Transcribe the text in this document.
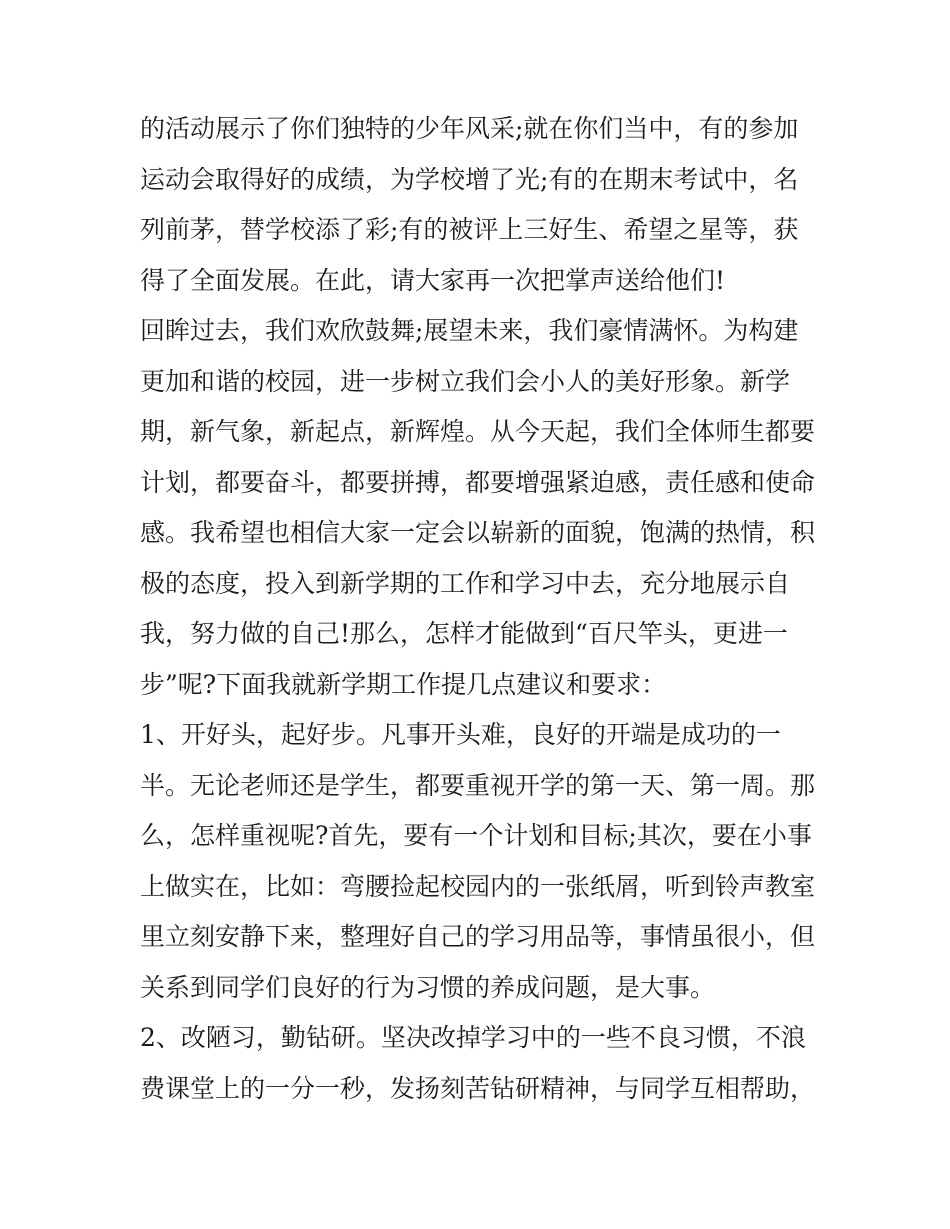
的活动展示了你们独特的少年风采;就在你们当中，有的参加
运动会取得好的成绩，为学校增了光;有的在期末考试中，名
列前茅，替学校添了彩;有的被评上三好生、希望之星等，获
得了全面发展。在此，请大家再一次把掌声送给他们!
回眸过去，我们欢欣鼓舞;展望未来，我们豪情满怀。为构建
更加和谐的校园，进一步树立我们会小人的美好形象。新学
期，新气象，新起点，新辉煌。从今天起，我们全体师生都要
计划，都要奋斗，都要拼搏，都要增强紧迫感，责任感和使命
感。我希望也相信大家一定会以崭新的面貌，饱满的热情，积
极的态度，投入到新学期的工作和学习中去，充分地展示自
我，努力做的自己!那么，怎样才能做到“百尺竿头，更进一
步”呢?下面我就新学期工作提几点建议和要求：
1、开好头，起好步。凡事开头难，良好的开端是成功的一
半。无论老师还是学生，都要重视开学的第一天、第一周。那
么，怎样重视呢?首先，要有一个计划和目标;其次，要在小事
上做实在，比如：弯腰捡起校园内的一张纸屑，听到铃声教室
里立刻安静下来，整理好自己的学习用品等，事情虽很小，但
关系到同学们良好的行为习惯的养成问题，是大事。
2、改陋习，勤钻研。坚决改掉学习中的一些不良习惯，不浪
费课堂上的一分一秒，发扬刻苦钻研精神，与同学互相帮助，
